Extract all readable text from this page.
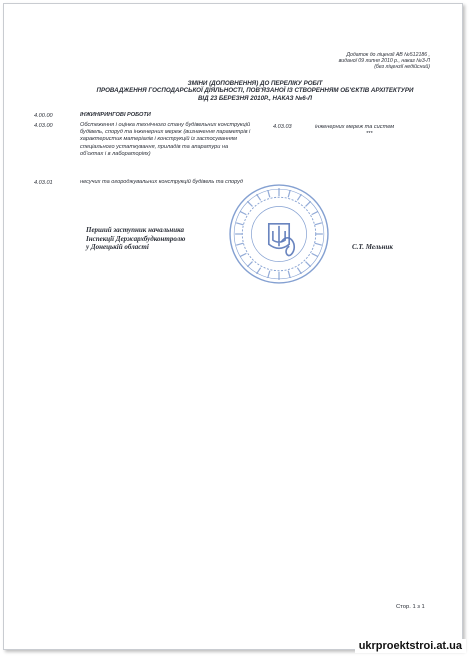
Додаток до ліцензії АВ №512186 ,
виданої 09 липня 2010 р., наказ №3-Л
(без ліцензії недійсний)
ЗМІНИ (ДОПОВНЕННЯ) ДО ПЕРЕЛІКУ РОБІТ
ПРОВАДЖЕННЯ ГОСПОДАРСЬКОЇ ДІЯЛЬНОСТІ, ПОВ'ЯЗАНОЇ ІЗ СТВОРЕННЯМ ОБ'ЄКТІВ АРХІТЕКТУРИ
ВІД 23 БЕРЕЗНЯ 2010Р., НАКАЗ №6-Л
4.00.00	ІНЖИНІРИНГОВІ РОБОТИ
4.03.00	Обстеження і оцінка технічного стану будівельних конструкцій будівель, споруд та інженерних мереж (визначення параметрів і характеристик матеріалів і конструкцій із застосуванням спеціального устаткування, приладів та апаратури на об'єктах і в лабораторіях)
4.03.01	несучих та огороджувальних конструкцій будівель та споруд
4.03.03	інженерних мереж та систем
***
Перший заступник начальника
Інспекції Держархбудконтролю
у Донецькій області	С.Т. Мельник
Стор. 1 з 1
ukrproektstroi.at.ua
